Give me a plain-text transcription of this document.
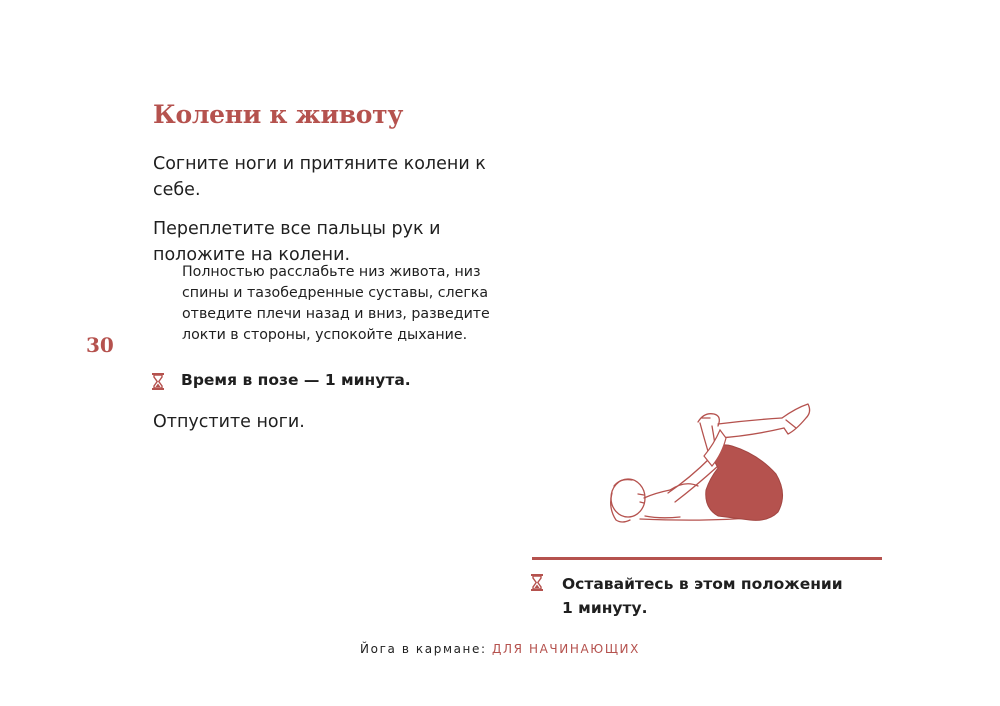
Колени к животу

Согните ноги и притяните колени к себе.

Переплетите все пальцы рук и положите на колени.

Полностью расслабьте низ живота, низ спины и тазобедренные суставы, слегка отведите плечи назад и вниз, разведите локти в стороны, успокойте дыхание.

30

Время в позе — 1 минута.

Отпустите ноги.

Оставайтесь в этом положении
1 минуту.

Йога в кармане: ДЛЯ НАЧИНАЮЩИХ
